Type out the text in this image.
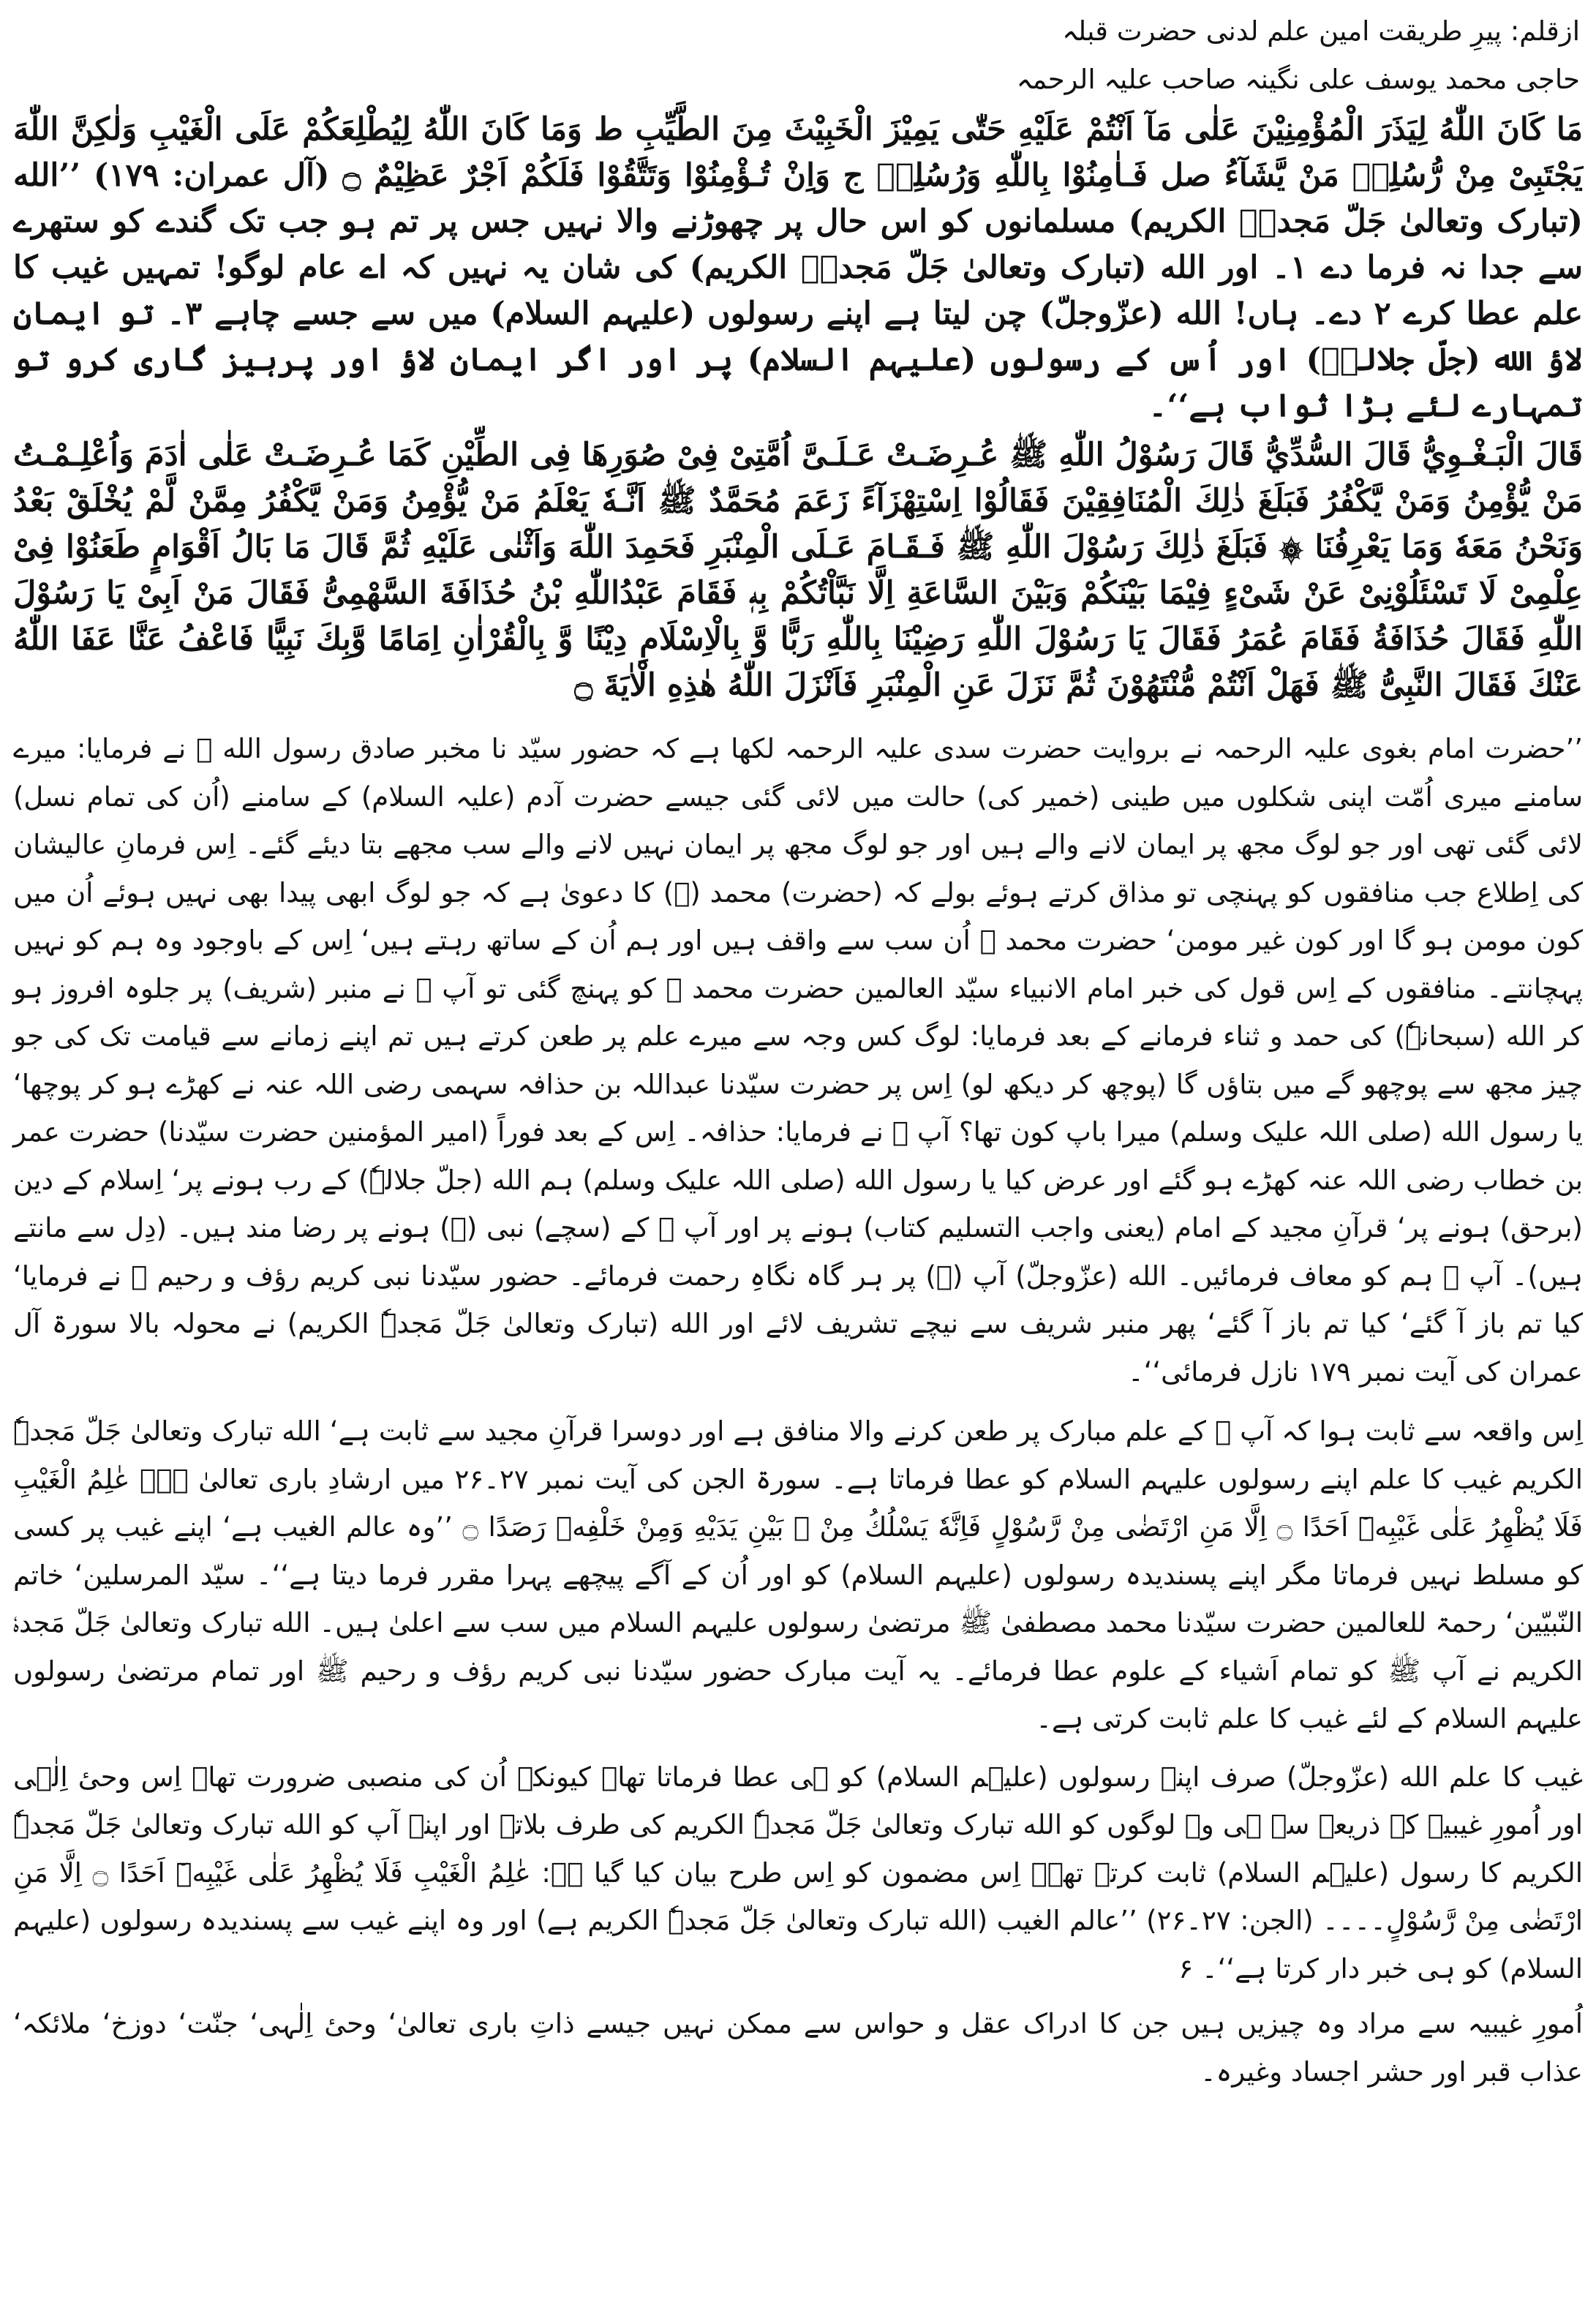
ازقلم: پیرِ طریقت امین علم لدنی حضرت قبلہ
حاجی محمد یوسف علی نگینہ صاحب علیہ الرحمہ

مَا كَانَ اللّٰهُ لِيَذَرَ الْمُؤْمِنِيْنَ عَلٰى مَآ اَنْتُمْ عَلَيْهِ حَتّٰى يَمِيْزَ الْخَبِيْثَ مِنَ الطَّيِّبِ ط وَمَا كَانَ اللّٰهُ لِيُطْلِعَكُمْ عَلَى الْغَيْبِ وَلٰكِنَّ اللّٰهَ يَجْتَبِىْ مِنْ رُّسُلِهٖ مَنْ يَّشَآءُ صل فَـاٰمِنُوْا بِاللّٰهِ وَرُسُلِهٖ ج وَاِنْ تُـؤْمِنُوْا وَتَتَّقُوْا فَلَكُمْ اَجْرٌ عَظِيْمٌ ۝ (آل عمران: ۱۷۹) ’’الله (تبارک وتعالیٰ جَلّ مَجدہٗ الکریم) مسلمانوں کو اس حال پر چھوڑنے والا نہیں جس پر تم ہو جب تک گندے کو ستھرے سے جدا نہ فرما دے ۱۔ اور الله (تبارک وتعالیٰ جَلّ مَجدہٗ الکریم) کی شان یہ نہیں کہ اے عام لوگو! تمہیں غیب کا علم عطا کرے ۲ دے۔ ہاں! الله (عزّوجلّ) چن لیتا ہے اپنے رسولوں (علیہم السلام) میں سے جسے چاہے ۳۔ تو ایمان لاؤ الله (جلّ جلالہٗ) اور اُس کے رسولوں (علیہم السلام) پر اور اگر ایمان لاؤ اور پرہیز گاری کرو تو تمہارے لئے بڑا ثواب ہے‘‘۔

قَالَ الْبَـغْـوِيُّ قَالَ السُّدِّيُّ قَالَ رَسُوْلُ اللّٰهِ ﷺ عُـرِضَـتْ عَـلَـىَّ اُمَّتِىْ فِىْ صُوَرِهَا فِى الطِّيْنِ كَمَا عُـرِضَـتْ عَلٰى اٰدَمَ وَاُعْلِـمْـتُ مَنْ يُّؤْمِنُ وَمَنْ يَّكْفُرُ فَبَلَغَ ذٰلِكَ الْمُنَافِقِيْنَ فَقَالُوْا اِسْتِهْزَآءً زَعَمَ مُحَمَّدٌ ﷺ اَنَّـهٗ يَعْلَمُ مَنْ يُّؤْمِنُ وَمَنْ يَّكْفُرُ مِمَّنْ لَّمْ يُخْلَقْ بَعْدُ وَنَحْنُ مَعَهٗ وَمَا يَعْرِفُنَا ۞ فَبَلَغَ ذٰلِكَ رَسُوْلَ اللّٰهِ ﷺ فَـقَـامَ عَـلَى الْمِنْبَرِ فَحَمِدَ اللّٰهَ وَاَثْنٰى عَلَيْهِ ثُمَّ قَالَ مَا بَالُ اَقْوَامٍ طَعَنُوْا فِىْ عِلْمِىْ لَا تَسْئَلُوْنِىْ عَنْ شَىْءٍ فِيْمَا بَيْنَكُمْ وَبَيْنَ السَّاعَةِ اِلَّا نَبَّاْتُكُمْ بِهٖ فَقَامَ عَبْدُاللّٰهِ بْنُ حُذَافَةَ السَّهْمِىُّ فَقَالَ مَنْ اَبِىْ يَا رَسُوْلَ اللّٰهِ فَقَالَ حُذَافَةُ فَقَامَ عُمَرُ فَقَالَ يَا رَسُوْلَ اللّٰهِ رَضِيْنَا بِاللّٰهِ رَبًّا وَّ بِالْاِسْلَامِ دِيْنًا وَّ بِالْقُرْاٰنِ اِمَامًا وَّبِكَ نَبِيًّا فَاعْفُ عَنَّا عَفَا اللّٰهُ عَنْكَ فَقَالَ النَّبِىُّ ﷺ فَهَلْ اَنْتُمْ مُّنْتَهُوْنَ ثُمَّ نَزَلَ عَنِ الْمِنْبَرِ فَاَنْزَلَ اللّٰهُ هٰذِهِ الْاٰيَةَ ۝

’’حضرت امام بغوی علیہ الرحمہ نے بروایت حضرت سدی علیہ الرحمہ لکھا ہے کہ حضور سیّد نا مخبر صادق رسول الله ﷺ نے فرمایا: میرے سامنے میری اُمّت اپنی شکلوں میں طینی (خمیر کی) حالت میں لائی گئی جیسے حضرت آدم (علیہ السلام) کے سامنے (اُن کی تمام نسل) لائی گئی تھی اور جو لوگ مجھ پر ایمان لانے والے ہیں اور جو لوگ مجھ پر ایمان نہیں لانے والے سب مجھے بتا دیئے گئے۔ اِس فرمانِ عالیشان کی اِطلاع جب منافقوں کو پہنچی تو مذاق کرتے ہوئے بولے کہ (حضرت) محمد (ﷺ) کا دعویٰ ہے کہ جو لوگ ابھی پیدا بھی نہیں ہوئے اُن میں کون مومن ہو گا اور کون غیر مومن‘ حضرت محمد ﷺ اُن سب سے واقف ہیں اور ہم اُن کے ساتھ رہتے ہیں‘ اِس کے باوجود وہ ہم کو نہیں پہچانتے۔ منافقوں کے اِس قول کی خبر امام الانبیاء سیّد العالمین حضرت محمد ﷺ کو پہنچ گئی تو آپ ﷺ نے منبر (شریف) پر جلوہ افروز ہو کر الله (سبحانہٗ) کی حمد و ثناء فرمانے کے بعد فرمایا: لوگ کس وجہ سے میرے علم پر طعن کرتے ہیں تم اپنے زمانے سے قیامت تک کی جو چیز مجھ سے پوچھو گے میں بتاؤں گا (پوچھ کر دیکھ لو) اِس پر حضرت سیّدنا عبداللہ بن حذافہ سہمی رضی اللہ عنہ نے کھڑے ہو کر پوچھا‘ یا رسول الله (صلی اللہ علیک وسلم) میرا باپ کون تھا؟ آپ ﷺ نے فرمایا: حذافہ۔ اِس کے بعد فوراً (امیر المؤمنین حضرت سیّدنا) حضرت عمر بن خطاب رضی اللہ عنہ کھڑے ہو گئے اور عرض کیا یا رسول الله (صلی اللہ علیک وسلم) ہم الله (جلّ جلالہٗ) کے رب ہونے پر‘ اِسلام کے دین (برحق) ہونے پر‘ قرآنِ مجید کے امام (یعنی واجب التسلیم کتاب) ہونے پر اور آپ ﷺ کے (سچے) نبی (ﷺ) ہونے پر رضا مند ہیں۔ (دِل سے مانتے ہیں)۔ آپ ﷺ ہم کو معاف فرمائیں۔ الله (عزّوجلّ) آپ (ﷺ) پر ہر گاہ نگاہِ رحمت فرمائے۔ حضور سیّدنا نبی کریم رؤف و رحیم ﷺ نے فرمایا‘ کیا تم باز آ گئے‘ کیا تم باز آ گئے‘ پھر منبر شریف سے نیچے تشریف لائے اور الله (تبارک وتعالیٰ جَلّ مَجدہٗ الکریم) نے محولہ بالا سورۃ آل عمران کی آیت نمبر ۱۷۹ نازل فرمائی‘‘۔

اِس واقعہ سے ثابت ہوا کہ آپ ﷺ کے علم مبارک پر طعن کرنے والا منافق ہے اور دوسرا قرآنِ مجید سے ثابت ہے‘ الله تبارک وتعالیٰ جَلّ مَجدہٗ الکریم غیب کا علم اپنے رسولوں علیہم السلام کو عطا فرماتا ہے۔ سورۃ الجن کی آیت نمبر ۲۷۔۲۶ میں ارشادِ باری تعالیٰ ہے۔ عٰلِمُ الْغَيْبِ فَلَا يُظْهِرُ عَلٰى غَيْبِهٖٓ اَحَدًا ۝ اِلَّا مَنِ ارْتَضٰى مِنْ رَّسُوْلٍ فَاِنَّهٗ يَسْلُكُ مِنْ ۢ بَيْنِ يَدَيْهِ وَمِنْ خَلْفِهٖ رَصَدًا ۝ ’’وہ عالم الغیب ہے‘ اپنے غیب پر کسی کو مسلط نہیں فرماتا مگر اپنے پسندیدہ رسولوں (علیہم السلام) کو اور اُن کے آگے پیچھے پہرا مقرر فرما دیتا ہے‘‘۔ سیّد المرسلین‘ خاتم النّبیّین‘ رحمۃ للعالمین حضرت سیّدنا محمد مصطفیٰ ﷺ مرتضیٰ رسولوں علیہم السلام میں سب سے اعلیٰ ہیں۔ الله تبارک وتعالیٰ جَلّ مَجدہٗ الکریم نے آپ ﷺ کو تمام اَشیاء کے علوم عطا فرمائے۔ یہ آیت مبارک حضور سیّدنا نبی کریم رؤف و رحیم ﷺ اور تمام مرتضیٰ رسولوں علیہم السلام کے لئے غیب کا علم ثابت کرتی ہے۔

غیب کا علم الله (عزّوجلّ) صرف اپنے رسولوں (علیہم السلام) کو ہی عطا فرماتا تھا۔ کیونکہ اُن کی منصبی ضرورت تھا۔ اِس وحیٔ اِلٰہی اور اُمورِ غیبیہ کے ذریعے سے ہی وہ لوگوں کو الله تبارک وتعالیٰ جَلّ مَجدہٗ الکریم کی طرف بلاتے اور اپنے آپ کو الله تبارک وتعالیٰ جَلّ مَجدہٗ الکریم کا رسول (علیہم السلام) ثابت کرتے تھے۔ اِس مضمون کو اِس طرح بیان کیا گیا ہے: عٰلِمُ الْغَيْبِ فَلَا يُظْهِرُ عَلٰى غَيْبِهٖٓ اَحَدًا ۝ اِلَّا مَنِ ارْتَضٰى مِنْ رَّسُوْلٍ۔۔۔۔ (الجن: ۲۷۔۲۶) ’’عالم الغیب (الله تبارک وتعالیٰ جَلّ مَجدہٗ الکریم ہے) اور وہ اپنے غیب سے پسندیدہ رسولوں (علیہم السلام) کو ہی خبر دار کرتا ہے‘‘۔ ۶

اُمورِ غیبیہ سے مراد وہ چیزیں ہیں جن کا ادراک عقل و حواس سے ممکن نہیں جیسے ذاتِ باری تعالیٰ‘ وحیٔ اِلٰہی‘ جنّت‘ دوزخ‘ ملائکہ‘ عذاب قبر اور حشر اجساد وغیرہ۔
